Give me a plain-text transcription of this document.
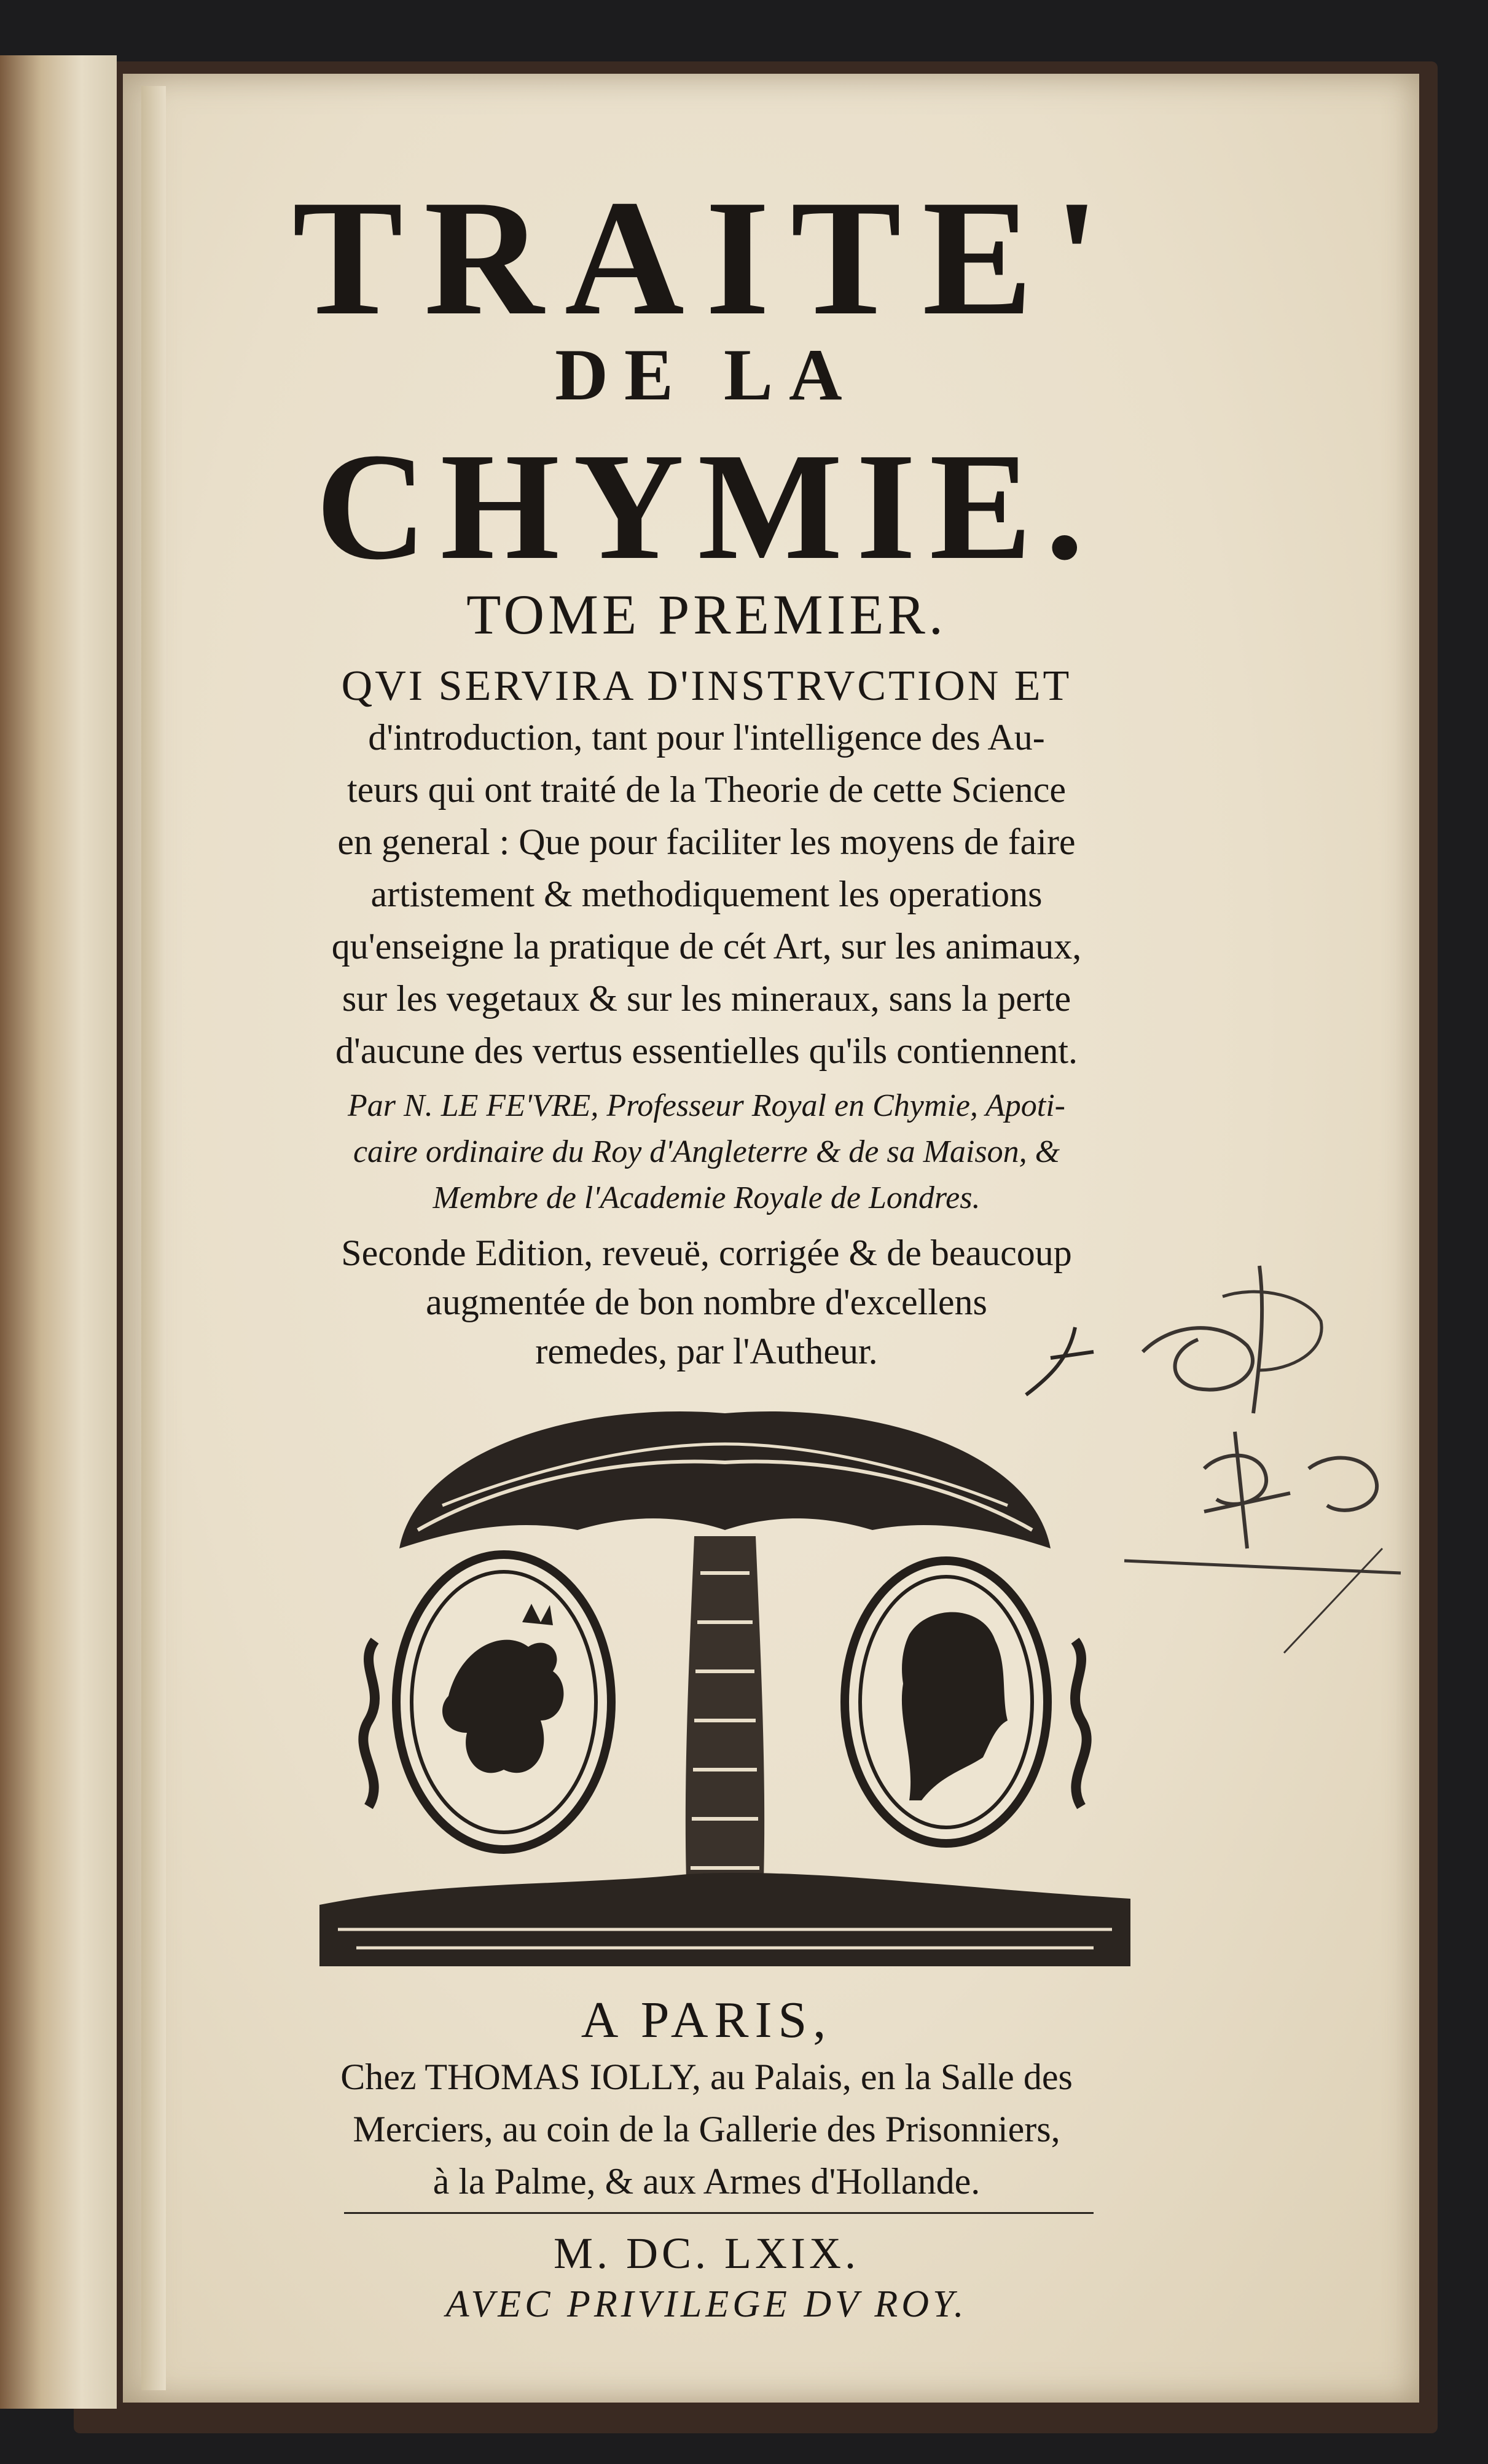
TRAITE'
DE LA
CHYMIE.
TOME PREMIER.
QVI SERVIRA D'INSTRVCTION ET
d'introduction, tant pour l'intelligence des Au-
teurs qui ont traité de la Theorie de cette Science
en general : Que pour faciliter les moyens de faire
artistement & methodiquement les operations
qu'enseigne la pratique de cét Art, sur les animaux,
sur les vegetaux & sur les mineraux, sans la perte
d'aucune des vertus essentielles qu'ils contiennent.
Par N. LE FE'VRE, Professeur Royal en Chymie, Apoti-
caire ordinaire du Roy d'Angleterre & de sa Maison, &
Membre de l'Academie Royale de Londres.
Seconde Edition, reveuë, corrigée & de beaucoup
augmentée de bon nombre d'excellens
remedes, par l'Autheur.
A PARIS,
Chez THOMAS IOLLY, au Palais, en la Salle des
Merciers, au coin de la Gallerie des Prisonniers,
à la Palme, & aux Armes d'Hollande.
M. DC. LXIX.
AVEC PRIVILEGE DV ROY.
